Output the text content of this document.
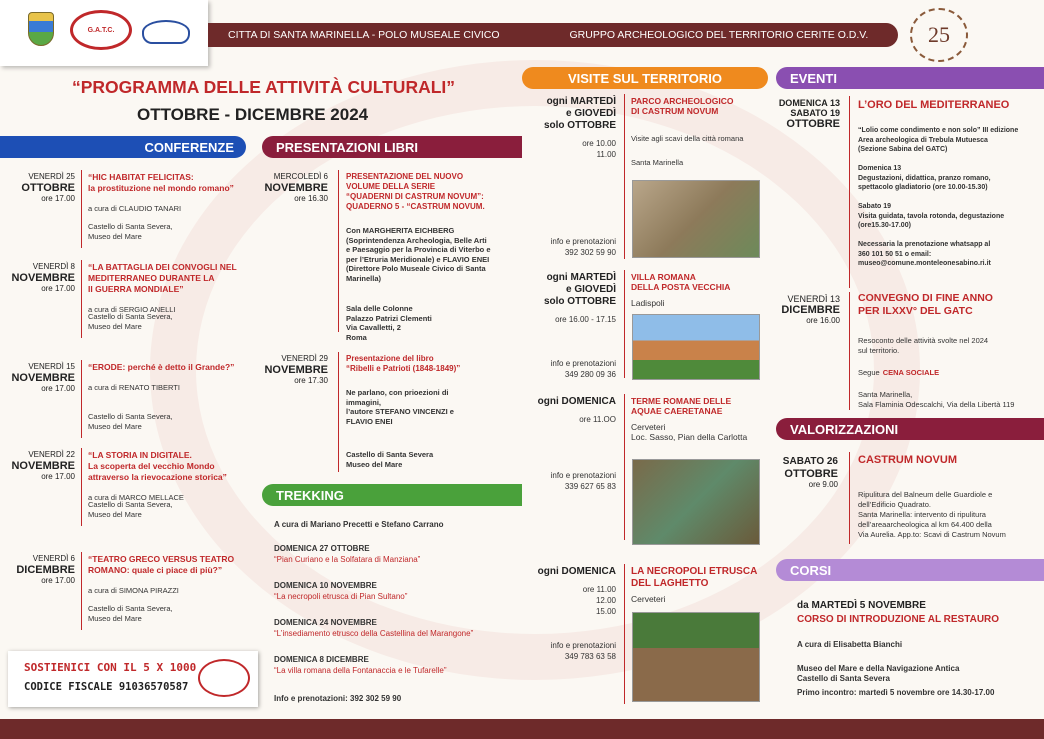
G.A.T.C.	CITTA DI SANTA MARINELLA - POLO MUSEALE CIVICO	GRUPPO ARCHEOLOGICO DEL TERRITORIO CERITE O.D.V.	25
“PROGRAMMA DELLE ATTIVITÀ CULTURALI”
OTTOBRE - DICEMBRE 2024
CONFERENZE
VENERDÌ 25
OTTOBRE
ore 17.00
“HIC HABITAT FELICITAS:
la prostituzione nel mondo romano”
a cura di CLAUDIO TANARI
Castello di Santa Severa,
Museo del Mare
VENERDÌ 8
NOVEMBRE
ore 17.00
“LA BATTAGLIA DEI CONVOGLI NEL
MEDITERRANEO DURANTE LA
II GUERRA MONDIALE”
a cura di SERGIO ANELLI
Castello di Santa Severa,
Museo del Mare
VENERDÌ 15
NOVEMBRE
ore 17.00
“ERODE: perché è detto il Grande?”
a cura di RENATO TIBERTI
Castello di Santa Severa,
Museo del Mare
VENERDÌ 22
NOVEMBRE
ore 17.00
“LA STORIA IN DIGITALE.
La scoperta del vecchio Mondo
attraverso la rievocazione storica”
a cura di MARCO MELLACE
Castello di Santa Severa,
Museo del Mare
VENERDÌ 6
DICEMBRE
ore 17.00
“TEATRO GRECO VERSUS TEATRO
ROMANO: quale ci piace di più?”
a cura di SIMONA PIRAZZI
Castello di Santa Severa,
Museo del Mare
SOSTIENICI CON IL 5 X 1000
CODICE FISCALE 91036570587
PRESENTAZIONI LIBRI
MERCOLEDÌ 6
NOVEMBRE
ore 16.30
PRESENTAZIONE DEL NUOVO
VOLUME DELLA SERIE
“QUADERNI DI CASTRUM NOVUM”:
QUADERNO 5 - “CASTRUM NOVUM.
Con MARGHERITA EICHBERG
(Soprintendenza Archeologia, Belle Arti
e Paesaggio per la Provincia di Viterbo e
per l’Etruria Meridionale) e FLAVIO ENEI
(Direttore Polo Museale Civico di Santa
Marinella)
Sala delle Colonne
Palazzo Patrizi Clementi
Via Cavalletti, 2
Roma
VENERDÌ 29
NOVEMBRE
ore 17.30
Presentazione del libro
“Ribelli e Patrioti (1848-1849)”
Ne parlano, con prioezioni di
immagini,
l’autore STEFANO VINCENZI e
FLAVIO ENEI
Castello di Santa Severa
Museo del Mare
TREKKING
A cura di Mariano Precetti e Stefano Carrano
DOMENICA 27 OTTOBRE
“Pian Curiano e la Solfatara di Manziana”
DOMENICA 10 NOVEMBRE
“La necropoli etrusca di Pian Sultano”
DOMENICA 24 NOVEMBRE
“L’insediamento etrusco della Castellina del Marangone”
DOMENICA 8 DICEMBRE
“La villa romana della Fontanaccia e le Tufarelle”
Info e prenotazioni: 392 302 59 90
VISITE SUL TERRITORIO
ogni MARTEDÌ
e GIOVEDÌ
solo OTTOBRE
ore 10.00
11.00
info e prenotazioni
392 302 59 90
PARCO ARCHEOLOGICO
DI CASTRUM NOVUM
Visite agli scavi della città romana
Santa Marinella
ogni MARTEDÌ
e GIOVEDÌ
solo OTTOBRE
ore 16.00 - 17.15
info e prenotazioni
349 280 09 36
VILLA ROMANA
DELLA POSTA VECCHIA
Ladispoli
ogni DOMENICA
ore 11.OO
info e prenotazioni
339 627 65 83
TERME ROMANE DELLE
AQUAE CAERETANAE
Cerveteri
Loc. Sasso, Pian della Carlotta
ogni DOMENICA
ore 11.00
12.00
15.00
info e prenotazioni
349 783 63 58
LA NECROPOLI ETRUSCA
DEL LAGHETTO
Cerveteri
EVENTI
DOMENICA 13
SABATO 19
OTTOBRE
L’ORO DEL MEDITERRANEO
“Lolio come condimento e non solo” III edizione
Area archeologica di Trebula Mutuesca
(Sezione Sabina del GATC)

Domenica 13
Degustazioni, didattica, pranzo romano,
spettacolo gladiatorio (ore 10.00-15.30)

Sabato 19
Visita guidata, tavola rotonda, degustazione
(ore15.30-17.00)

Necessaria la prenotazione whatsapp al
360 101 50 51 o email:
museo@comune.monteleonesabino.ri.it
VENERDÌ 13
DICEMBRE
ore 16.00
CONVEGNO DI FINE ANNO
PER ILXXV° DEL GATC
Resoconto delle attività svolte nel 2024
sul territorio.
Segue CENA SOCIALE
Santa Marinella,
Sala Flaminia Odescalchi, Via della Libertà 119
VALORIZZAZIONI
SABATO 26
OTTOBRE
ore 9.00
CASTRUM NOVUM
Ripulitura del Balneum delle Guardiole e
dell’Edificio Quadrato.
Santa Marinella: intervento di ripulitura
dell’areaarcheologica al km 64.400 della
Via Aurelia. App.to: Scavi di Castrum Novum
CORSI
da MARTEDÌ 5 NOVEMBRE
CORSO DI INTRODUZIONE AL RESTAURO
A cura di Elisabetta Bianchi
Museo del Mare e della Navigazione Antica
Castello di Santa Severa
Primo incontro: martedì 5 novembre ore 14.30-17.00
